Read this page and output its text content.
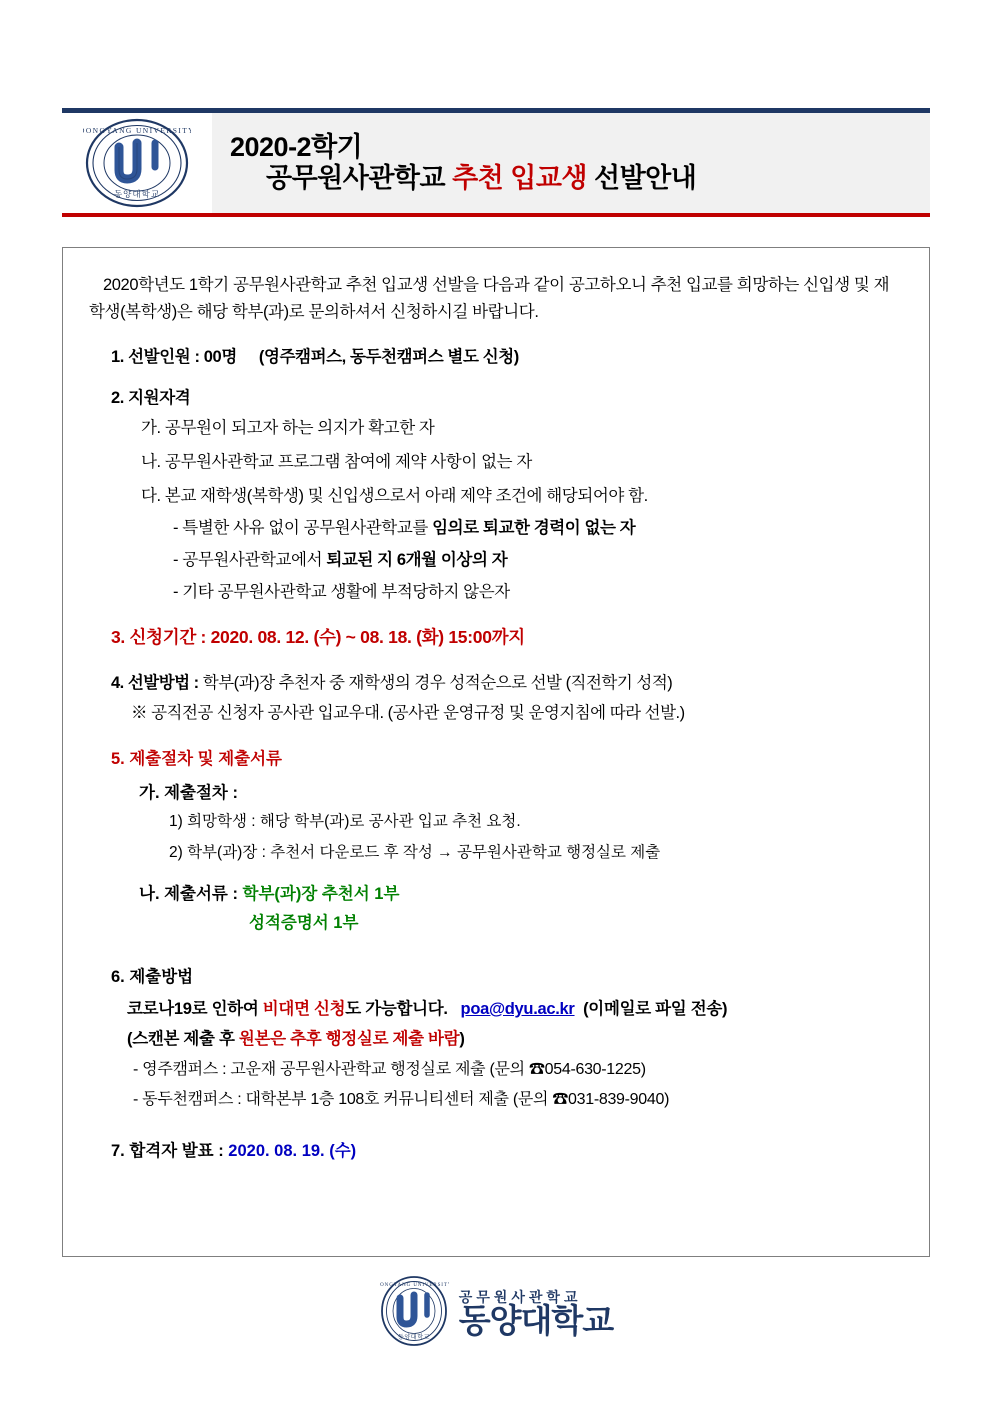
DONGYANG UNIVERSITY
동양대학교
2020-2학기
공무원사관학교 추천 입교생 선발안내
2020학년도 1학기 공무원사관학교 추천 입교생 선발을 다음과 같이 공고하오니 추천 입교를 희망하는 신입생 및 재학생(복학생)은 해당 학부(과)로 문의하셔서 신청하시길 바랍니다.
1. 선발인원 : 00명 (영주캠퍼스, 동두천캠퍼스 별도 신청)
2. 지원자격
가. 공무원이 되고자 하는 의지가 확고한 자
나. 공무원사관학교 프로그램 참여에 제약 사항이 없는 자
다. 본교 재학생(복학생) 및 신입생으로서 아래 제약 조건에 해당되어야 함.
- 특별한 사유 없이 공무원사관학교를 임의로 퇴교한 경력이 없는 자
- 공무원사관학교에서 퇴교된 지 6개월 이상의 자
- 기타 공무원사관학교 생활에 부적당하지 않은자
3. 신청기간 : 2020. 08. 12. (수) ~ 08. 18. (화) 15:00까지
4. 선발방법 : 학부(과)장 추천자 중 재학생의 경우 성적순으로 선발 (직전학기 성적)
※ 공직전공 신청자 공사관 입교우대. (공사관 운영규정 및 운영지침에 따라 선발.)
5. 제출절차 및 제출서류
가. 제출절차 :
1) 희망학생 : 해당 학부(과)로 공사관 입교 추천 요청.
2) 학부(과)장 : 추천서 다운로드 후 작성 → 공무원사관학교 행정실로 제출
나. 제출서류 : 학부(과)장 추천서 1부
성적증명서 1부
6. 제출방법
코로나19로 인하여 비대면 신청도 가능합니다. poa@dyu.ac.kr (이메일로 파일 전송)
(스캔본 제출 후 원본은 추후 행정실로 제출 바람)
- 영주캠퍼스 : 고운재 공무원사관학교 행정실로 제출 (문의 ☎054-630-1225)
- 동두천캠퍼스 : 대학본부 1층 108호 커뮤니티센터 제출 (문의 ☎031-839-9040)
7. 합격자 발표 : 2020. 08. 19. (수)
DONGYANG UNIVERSITY
동양대학교
공무원사관학교
동양대학교
